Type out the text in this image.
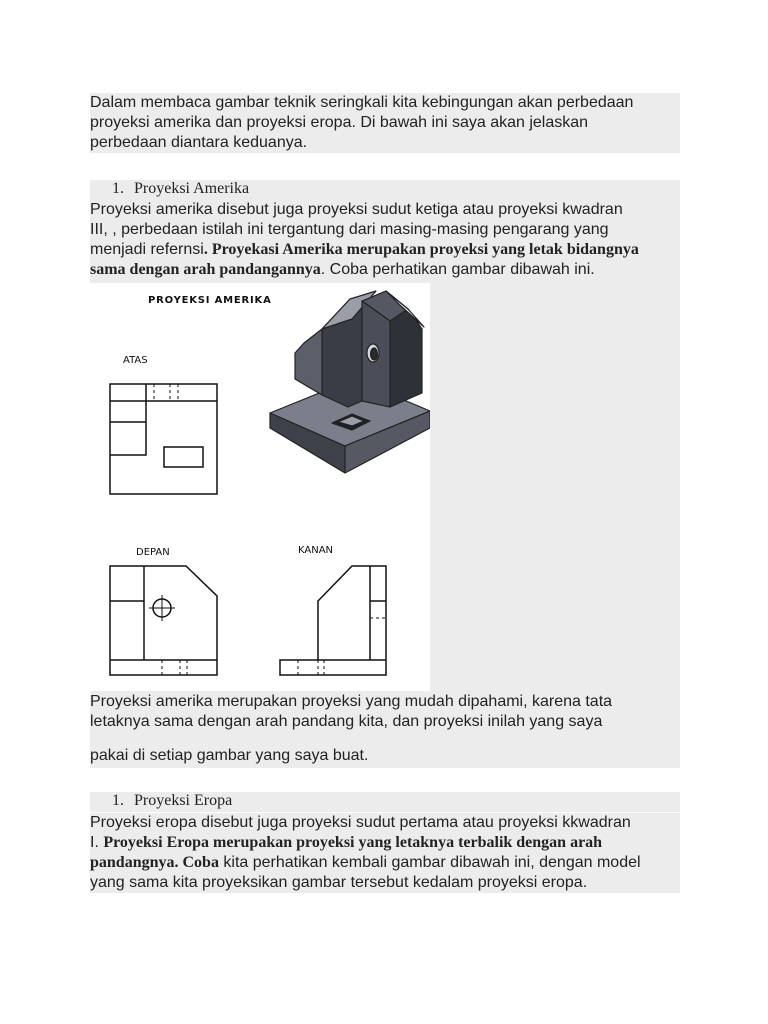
Dalam membaca gambar teknik seringkali kita kebingungan akan perbedaan

proyeksi amerika dan proyeksi eropa. Di bawah ini saya akan jelaskan

perbedaan diantara keduanya.

1. Proyeksi Amerika

Proyeksi amerika disebut juga proyeksi sudut ketiga atau proyeksi kwadran

III, , perbedaan istilah ini tergantung dari masing-masing pengarang yang

menjadi refernsi. Proyekasi Amerika merupakan proyeksi yang letak bidangnya

sama dengan arah pandangannya. Coba perhatikan gambar dibawah ini.

Proyeksi amerika merupakan proyeksi yang mudah dipahami, karena tata

letaknya sama dengan arah pandang kita, dan proyeksi inilah yang saya

pakai di setiap gambar yang saya buat.

PROYEKSI AMERIKA
ATAS
DEPAN	KANAN
1. Proyeksi Eropa

Proyeksi eropa disebut juga proyeksi sudut pertama atau proyeksi kkwadran

I. Proyeksi Eropa merupakan proyeksi yang letaknya terbalik dengan arah

pandangnya. Coba kita perhatikan kembali gambar dibawah ini, dengan model

yang sama kita proyeksikan gambar tersebut kedalam proyeksi eropa.
